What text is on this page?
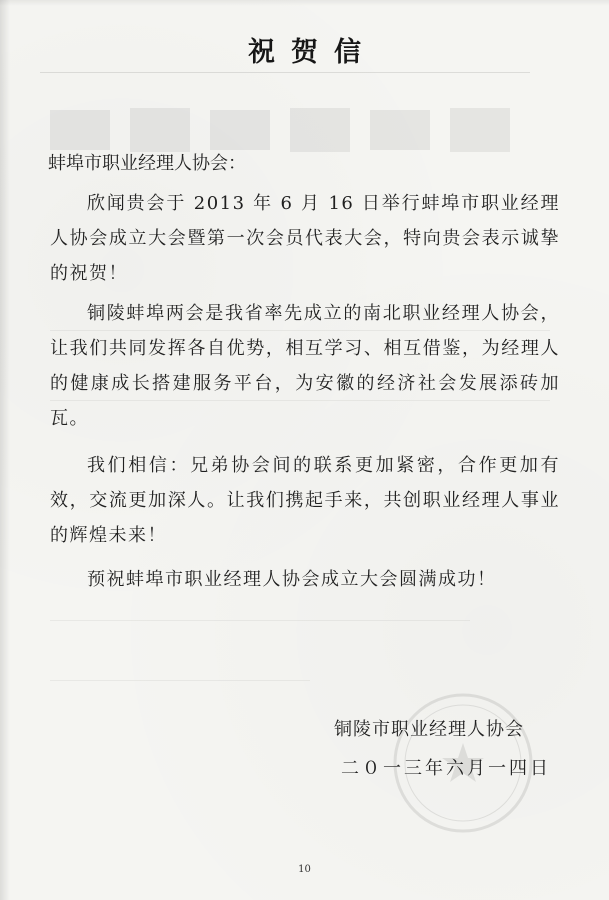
祝贺信
蚌埠市职业经理人协会：
欣闻贵会于 2013 年 6 月 16 日举行蚌埠市职业经理人协会成立大会暨第一次会员代表大会，特向贵会表示诚挚的祝贺！
铜陵蚌埠两会是我省率先成立的南北职业经理人协会，让我们共同发挥各自优势，相互学习、相互借鉴，为经理人的健康成长搭建服务平台，为安徽的经济社会发展添砖加瓦。
我们相信：兄弟协会间的联系更加紧密，合作更加有效，交流更加深人。让我们携起手来，共创职业经理人事业的辉煌未来！
预祝蚌埠市职业经理人协会成立大会圆满成功！
铜陵市职业经理人协会
二０一三年六月一四日
10
